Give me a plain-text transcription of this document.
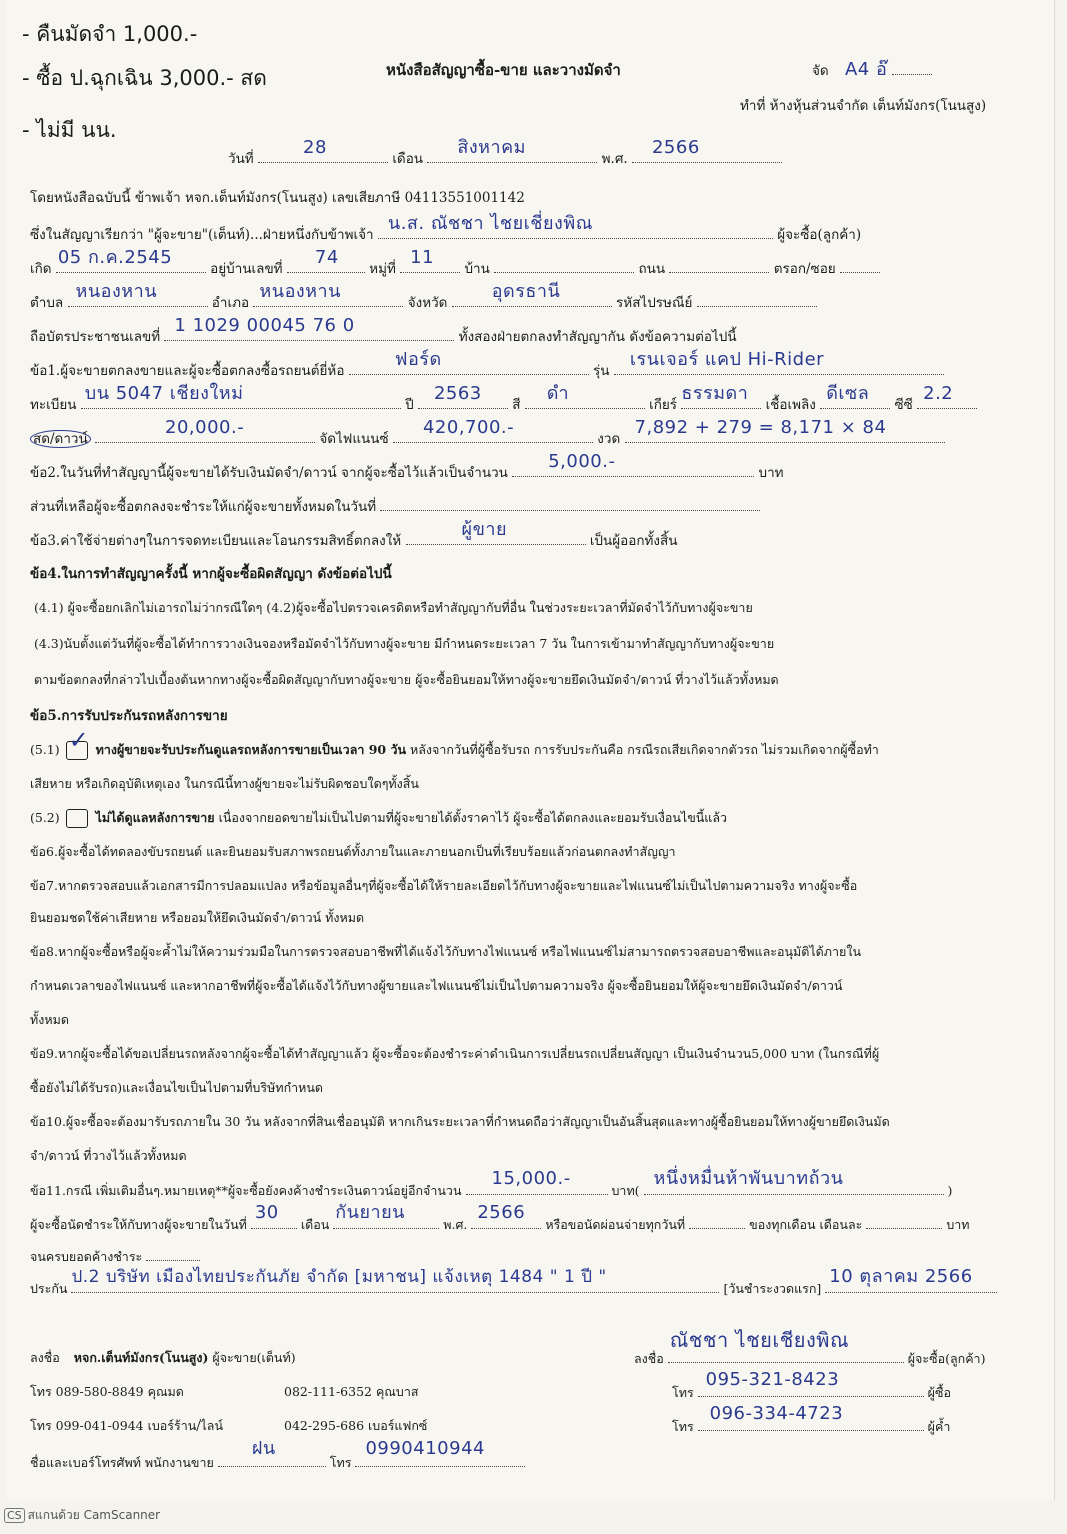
- คืนมัดจำ 1,000.-
- ซื้อ ป.ฉุกเฉิน 3,000.- สด
- ไม่มี นน.
หนังสือสัญญาซื้อ-ขาย และวางมัดจำ	จัด A4 อ๊
ทำที่ ห้างหุ้นส่วนจำกัด เต็นท์มังกร(โนนสูง)
วันที่
28
เดือน
สิงหาคม
พ.ศ.
2566
โดยหนังสือฉบับนี้ ข้าพเจ้า หจก.เต็นท์มังกร(โนนสูง) เลขเสียภาษี 0411355100114​2
ซึ่งในสัญญาเรียกว่า "ผู้จะขาย"(เต็นท์)...ฝ่ายหนึ่งกับข้าพเจ้า
น.ส. ณัชชา ไชยเชี่ยงพิณ
ผู้จะซื้อ(ลูกค้า)
เกิด
05 ก.ค.2545
อยู่บ้านเลขที่
74
หมู่ที่
11
บ้าน	ถนน	ตรอก/ซอย
ตำบล
หนองหาน
อำเภอ
หนองหาน
จังหวัด
อุดรธานี
รหัสไปรษณีย์
ถือบัตรประชาชนเลขที่
1 1029 00045 76 0
ทั้งสองฝ่ายตกลงทำสัญญากัน ดังข้อความต่อไปนี้
ข้อ1.ผู้จะขายตกลงขายและผู้จะซื้อตกลงซื้อรถยนต์ยี่ห้อ
ฟอร์ด
รุ่น
เรนเจอร์ แคป Hi-Rider
ทะเบียน
บน 5047 เชียงใหม่
ปี
2563
สี
ดำ
เกียร์
ธรรมดา
เชื้อเพลิง
ดีเซล
ซีซี
2.2
สด/ดาวน์
20,000.-
จัดไฟแนนซ์
420,700.-
งวด
7,892 + 279 = 8,171 × 84
ข้อ2.ในวันที่ทำสัญญานี้ผู้จะขายได้รับเงินมัดจำ/ดาวน์ จากผู้จะซื้อไว้แล้วเป็นจำนวน
5,000.-
บาท
ส่วนที่เหลือผู้จะซื้อตกลงจะชำระให้แก่ผู้จะขายทั้งหมดในวันที่
ข้อ3.ค่าใช้จ่ายต่างๆในการจดทะเบียนและโอนกรรมสิทธิ์ตกลงให้
ผู้ขาย
เป็นผู้ออกทั้งสิ้น
ข้อ4.ในการทำสัญญาครั้งนี้ หากผู้จะซื้อผิดสัญญา ดังข้อต่อไปนี้
(4.1) ผู้จะซื้อยกเลิกไม่เอารถไม่ว่ากรณีใดๆ (4.2)ผู้จะซื้อไปตรวจเครดิตหรือทำสัญญากับที่อื่น ในช่วงระยะเวลาที่มัดจำไว้กับทางผู้จะขาย
(4.3)นับตั้งแต่วันที่ผู้จะซื้อได้ทำการวางเงินจองหรือมัดจำไว้กับทางผู้จะขาย มีกำหนดระยะเวลา 7 วัน ในการเข้ามาทำสัญญากับทางผู้จะขาย
ตามข้อตกลงที่กล่าวไปเบื้องต้นหากทางผู้จะซื้อผิดสัญญากับทางผู้จะขาย ผู้จะซื้อยินยอมให้ทางผู้จะขายยึดเงินมัดจำ/ดาวน์ ที่วางไว้แล้วทั้งหมด
ข้อ5.การรับประกันรถหลังการขาย
(5.1) ✓ ทางผู้ขายจะรับประกันดูแลรถหลังการขายเป็นเวลา 90 วัน หลังจากวันที่ผู้ซื้อรับรถ การรับประกันคือ กรณีรถเสียเกิดจากตัวรถ ไม่รวมเกิดจากผู้ซื้อทำ
เสียหาย หรือเกิดอุบัติเหตุเอง ในกรณีนี้ทางผู้ขายจะไม่รับผิดชอบใดๆทั้งสิ้น
(5.2)	ไม่ได้ดูแลหลังการขาย เนื่องจากยอดขายไม่เป็นไปตามที่ผู้จะขายได้ตั้งราคาไว้ ผู้จะซื้อได้ตกลงและยอมรับเงื่อนไขนี้แล้ว
ข้อ6.ผู้จะซื้อได้ทดลองขับรถยนต์ และยินยอมรับสภาพรถยนต์ทั้งภายในและภายนอกเป็นที่เรียบร้อยแล้วก่อนตกลงทำสัญญา
ข้อ7.หากตรวจสอบแล้วเอกสารมีการปลอมแปลง หรือข้อมูลอื่นๆที่ผู้จะซื้อได้ให้รายละเอียดไว้กับทางผู้จะขายและไฟแนนซ์ไม่เป็นไปตามความจริง ทางผู้จะซื้อ
ยินยอมชดใช้ค่าเสียหาย หรือยอมให้ยึดเงินมัดจำ/ดาวน์ ทั้งหมด
ข้อ8.หากผู้จะซื้อหรือผู้จะค้ำไม่ให้ความร่วมมือในการตรวจสอบอาชีพที่ได้แจ้งไว้กับทางไฟแนนซ์ หรือไฟแนนซ์ไม่สามารถตรวจสอบอาชีพและอนุมัติได้ภายใน
กำหนดเวลาของไฟแนนซ์ และหากอาชีพที่ผู้จะซื้อได้แจ้งไว้กับทางผู้ขายและไฟแนนซ์ไม่เป็นไปตามความจริง ผู้จะซื้อยินยอมให้ผู้จะขายยึดเงินมัดจำ/ดาวน์
ทั้งหมด
ข้อ9.หากผู้จะซื้อได้ขอเปลี่ยนรถหลังจากผู้จะซื้อได้ทำสัญญาแล้ว ผู้จะซื้อจะต้องชำระค่าดำเนินการเปลี่ยนรถเปลี่ยนสัญญา เป็นเงินจำนวน5,000 บาท (ในกรณีที่ผู้
ซื้อยังไม่ได้รับรถ)และเงื่อนไขเป็นไปตามที่บริษัทกำหนด
ข้อ10.ผู้จะซื้อจะต้องมารับรถภายใน 30 วัน หลังจากที่สินเชื่ออนุมัติ หากเกินระยะเวลาที่กำหนดถือว่าสัญญาเป็นอันสิ้นสุดและทางผู้ซื้อยินยอมให้ทางผู้ขายยึดเงินมัด
จำ/ดาวน์ ที่วางไว้แล้วทั้งหมด
ข้อ11.กรณี เพิ่มเติมอื่นๆ.หมายเหตุ**ผู้จะซื้อยังคงค้างชำระเงินดาวน์อยู่อีกจำนวน
15,000.-
บาท(
หนึ่งหมื่นห้าพันบาทถ้วน
)
ผู้จะซื้อนัดชำระให้กับทางผู้จะขายในวันที่
30
เดือน
กันยายน
พ.ศ.
2566
หรือขอนัดผ่อนจ่ายทุกวันที่	ของทุกเดือน เดือนละ	บาท
จนครบยอดค้างชำระ
ประกัน
ป.2 บริษัท เมืองไทยประกันภัย จำกัด [มหาชน] แจ้งเหตุ 1484 " 1 ปี "
[วันชำระงวดแรก]
10 ตุลาคม 2566
ลงชื่อ หจก.เต็นท์มังกร(โนนสูง) ผู้จะขาย(เต็นท์)	ลงชื่อ
ณัชชา ไชยเชียงพิณ
ผู้จะซื้อ(ลูกค้า)
โทร 089-580-8849 คุณมด	082-111-6352 คุณบาส
โทร 099-041-0944 เบอร์ร้าน/ไลน์	042-295-686 เบอร์แฟกซ์
โทร
095-321-8423
ผู้ซื้อ
โทร
096-334-4723
ผู้ค้ำ
ชื่อและเบอร์โทรศัพท์ พนักงานขาย
ฝน
โทร
0990410944
CS สแกนด้วย CamScanner
